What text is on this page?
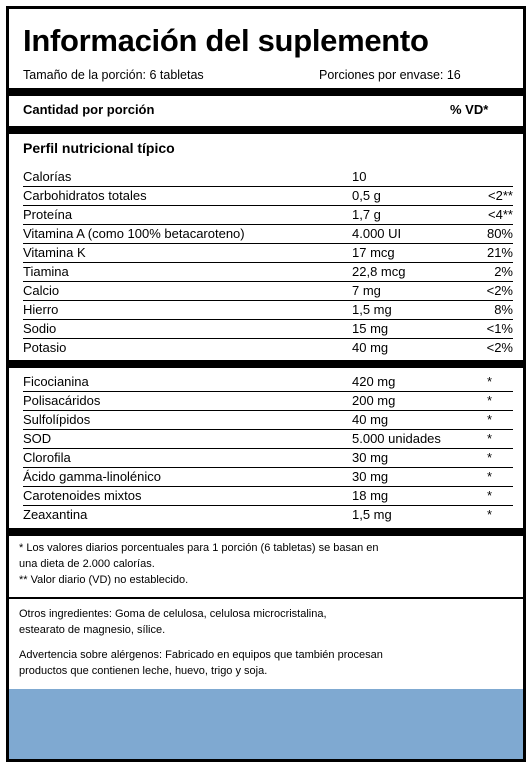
Información del suplemento
Tamaño de la porción: 6 tabletas	Porciones por envase: 16
Cantidad por porción	% VD*
Perfil nutricional típico
Calorías	10
Carbohidratos totales	0,5 g	<2**
Proteína	1,7 g	<4**
Vitamina A (como 100% betacaroteno)	4.000 UI	80%
Vitamina K	17 mcg	21%
Tiamina	22,8 mcg	2%
Calcio	7 mg	<2%
Hierro	1,5 mg	8%
Sodio	15 mg	<1%
Potasio	40 mg	<2%
Ficocianina	420 mg	*
Polisacáridos	200 mg	*
Sulfolípidos	40 mg	*
SOD	5.000 unidades	*
Clorofila	30 mg	*
Ácido gamma-linolénico	30 mg	*
Carotenoides mixtos	18 mg	*
Zeaxantina	1,5 mg	*
* Los valores diarios porcentuales para 1 porción (6 tabletas) se basan en
una dieta de 2.000 calorías.
** Valor diario (VD) no establecido.
Otros ingredientes: Goma de celulosa, celulosa microcristalina,
estearato de magnesio, sílice.
Advertencia sobre alérgenos: Fabricado en equipos que también procesan
productos que contienen leche, huevo, trigo y soja.
